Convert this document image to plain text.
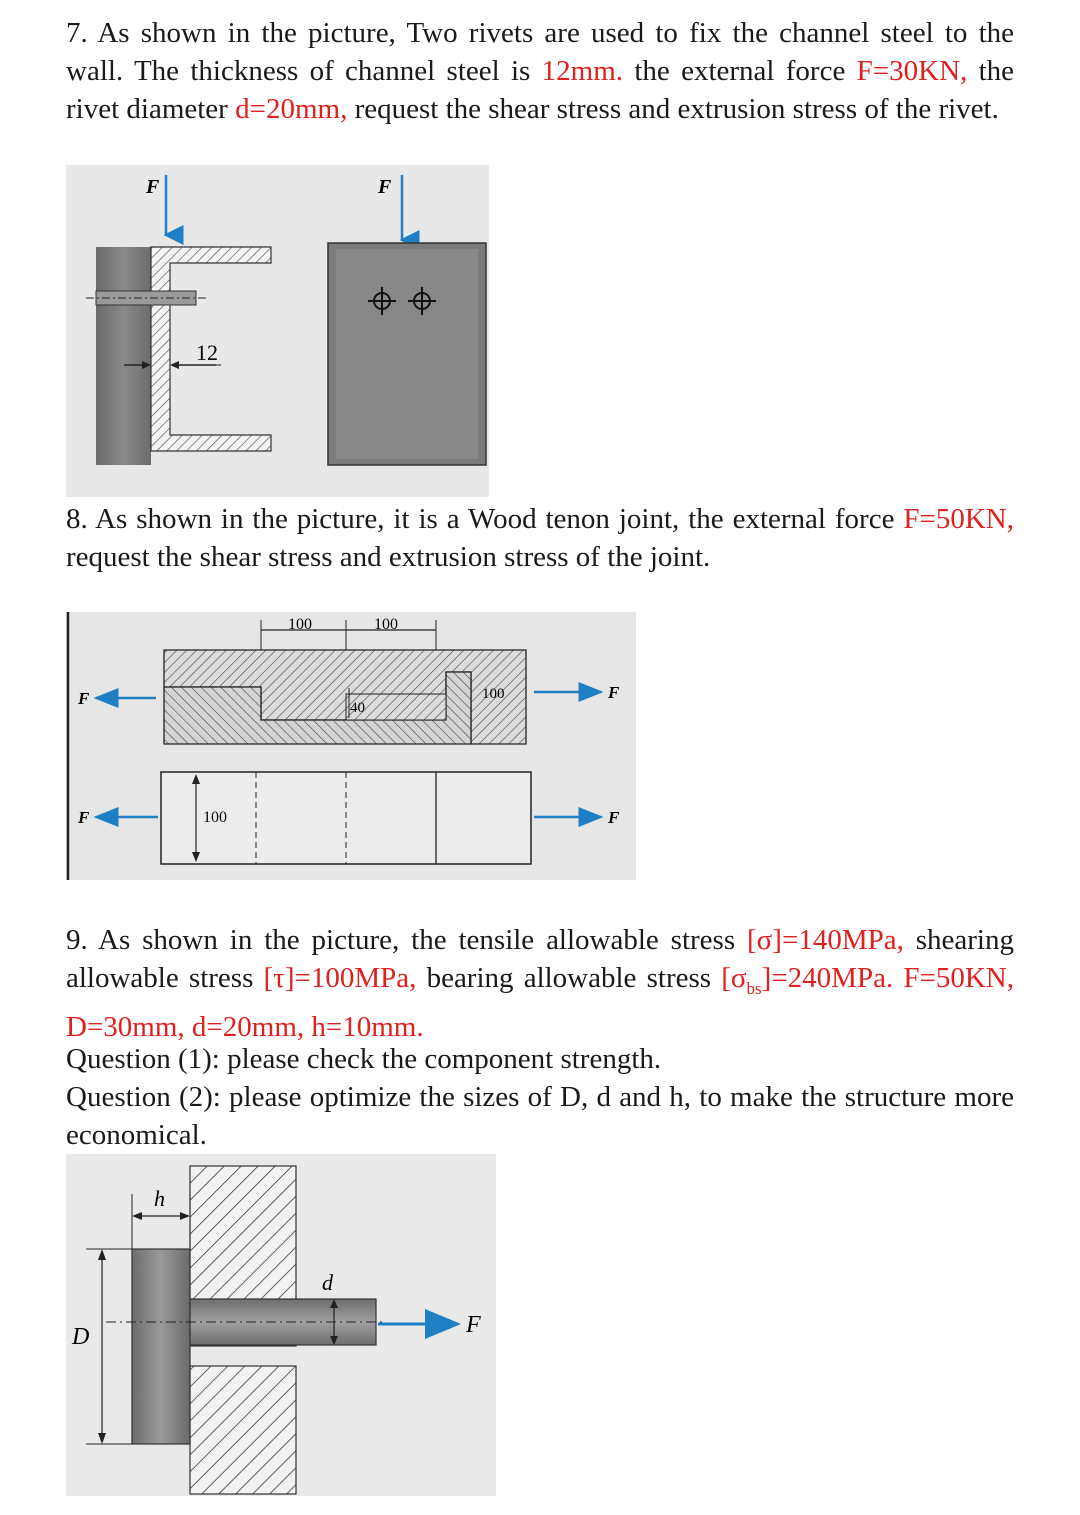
7. As shown in the picture, Two rivets are used to fix the channel steel to the wall. The thickness of channel steel is 12mm. the external force F=30KN, the rivet diameter d=20mm, request the shear stress and extrusion stress of the rivet.

F	F
12

8. As shown in the picture, it is a Wood tenon joint, the external force F=50KN, request the shear stress and extrusion stress of the joint.

100	100
40
100
F	F
100
F	F

9. As shown in the picture, the tensile allowable stress [σ]=140MPa, shearing allowable stress [τ]=100MPa, bearing allowable stress $[\sigma_{bs}]=240MPa$. F=50KN, D=30mm, d=20mm, h=10mm.

Question (1): please check the component strength.

Question (2): please optimize the sizes of D, d and h, to make the structure more economical.

h
D
d
F
